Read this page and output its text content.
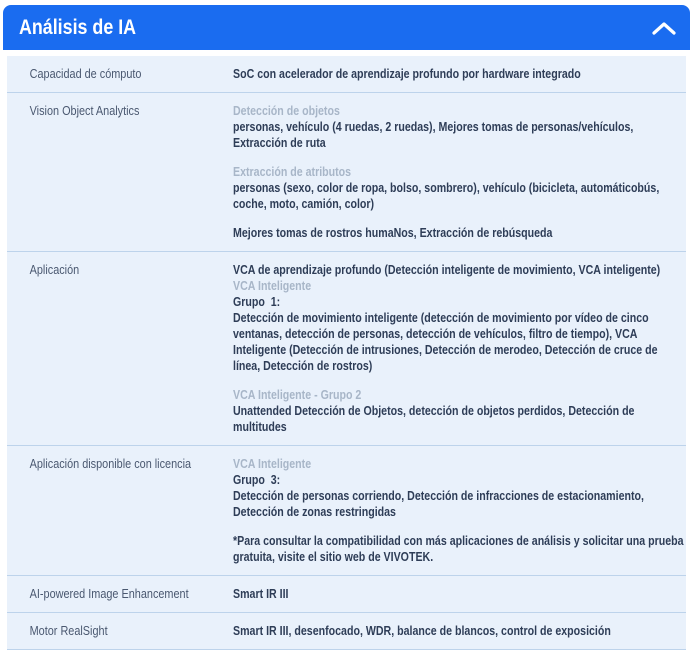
Análisis de IA
Capacidad de cómputo	SoC con acelerador de aprendizaje profundo por hardware integrado
Vision Object Analytics	Detección de objetos
personas, vehículo (4 ruedas, 2 ruedas), Mejores tomas de personas/vehículos, Extracción de ruta
Extracción de atributos
personas (sexo, color de ropa, bolso, sombrero), vehículo (bicicleta, automáticobús, coche, moto, camión, color)
Mejores tomas de rostros humaNos, Extracción de rebúsqueda
Aplicación	VCA de aprendizaje profundo (Detección inteligente de movimiento, VCA inteligente)
VCA Inteligente
Grupo  1:
Detección de movimiento inteligente (detección de movimiento por vídeo de cinco ventanas, detección de personas, detección de vehículos, filtro de tiempo), VCA Inteligente (Detección de intrusiones, Detección de merodeo, Detección de cruce de línea, Detección de rostros)
VCA Inteligente - Grupo 2
Unattended Detección de Objetos, detección de objetos perdidos, Detección de multitudes
Aplicación disponible con licencia	VCA Inteligente
Grupo  3:
Detección de personas corriendo, Detección de infracciones de estacionamiento, Detección de zonas restringidas
*Para consultar la compatibilidad con más aplicaciones de análisis y solicitar una prueba gratuita, visite el sitio web de VIVOTEK.
AI-powered Image Enhancement	Smart IR III
Motor RealSight	Smart IR III, desenfocado, WDR, balance de blancos, control de exposición
